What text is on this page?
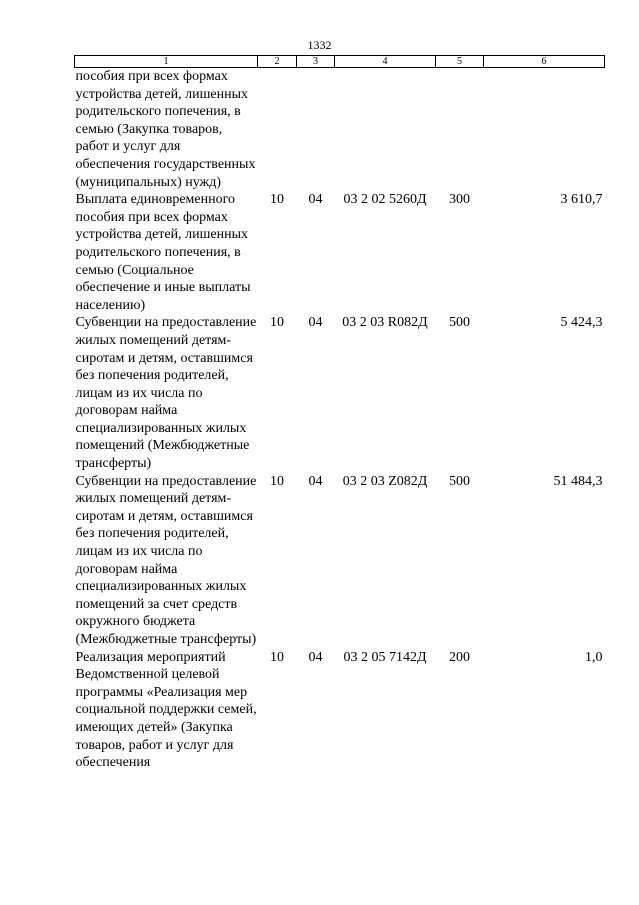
1332
1	2	3	4	5	6
пособия при всех формах устройства детей, лишенных родительского попечения, в семью (Закупка товаров, работ и услуг для обеспечения государственных (муниципальных) нужд)					
Выплата единовременного пособия при всех формах устройства детей, лишенных родительского попечения, в семью (Социальное обеспечение и иные выплаты населению)	10	04	03 2 02 5260Д	300	3 610,7
Субвенции на предоставление жилых помещений детям-сиротам и детям, оставшимся без попечения родителей, лицам из их числа по договорам найма специализированных жилых помещений (Межбюджетные трансферты)	10	04	03 2 03 R082Д	500	5 424,3
Субвенции на предоставление жилых помещений детям-сиротам и детям, оставшимся без попечения родителей, лицам из их числа по договорам найма специализированных жилых помещений за счет средств окружного бюджета (Межбюджетные трансферты)	10	04	03 2 03 Z082Д	500	51 484,3
Реализация мероприятий Ведомственной целевой программы «Реализация мер социальной поддержки семей, имеющих детей» (Закупка товаров, работ и услуг для обеспечения	10	04	03 2 05 7142Д	200	1,0
